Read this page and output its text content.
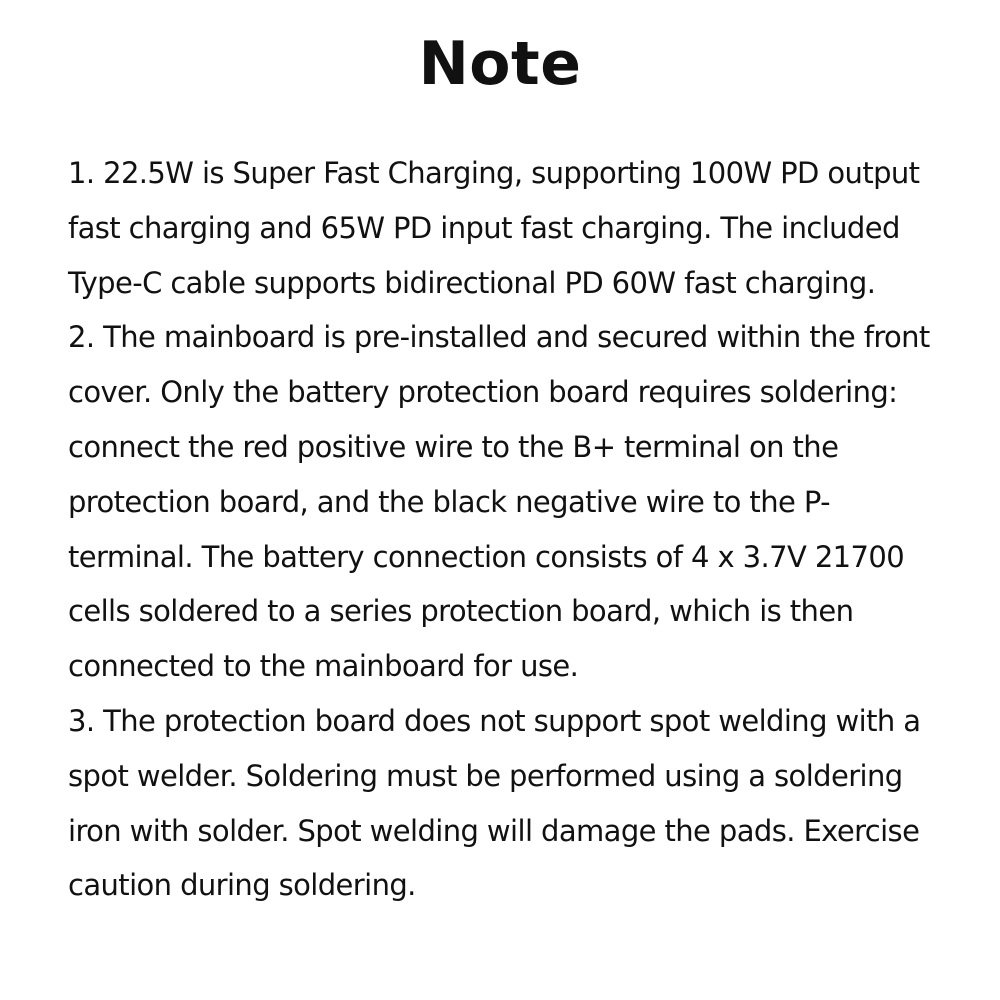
Note
1. 22.5W is Super Fast Charging, supporting 100W PD output
fast charging and 65W PD input fast charging. The included
Type-C cable supports bidirectional PD 60W fast charging.
2. The mainboard is pre-installed and secured within the front
cover. Only the battery protection board requires soldering:
connect the red positive wire to the B+ terminal on the
protection board, and the black negative wire to the P-
terminal. The battery connection consists of 4 x 3.7V 21700
cells soldered to a series protection board, which is then
connected to the mainboard for use.
3. The protection board does not support spot welding with a
spot welder. Soldering must be performed using a soldering
iron with solder. Spot welding will damage the pads. Exercise
caution during soldering.
